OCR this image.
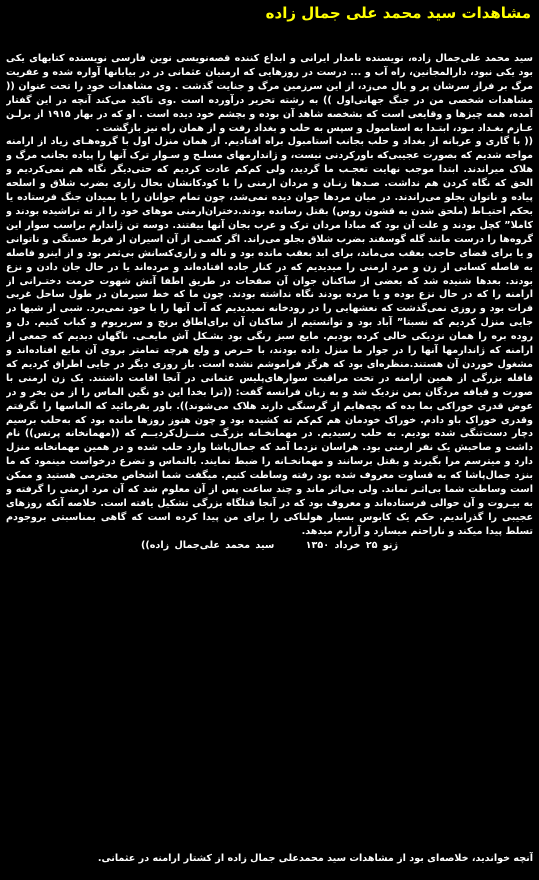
مشاهدات سید محمد علی جمال زاده

سید محمد علی‌جمال زاده، نویسنده نامدار ایرانی و ابداع کننده قصه‌نویسی نوین فارسی نویسنده کتابهای یکی بود یکی نبود، دارالمجانین، راه آب و ... درست در روزهایی که ارمنیان عثمانی در در بیابانها آواره شده و عفریت مرگ بر فراز سرشان پر و بال می‌زد، از این سرزمین مرگ و جنایت گذشت . وی مشاهدات خود را تحت عنوان (( مشاهدات شخصی من در جنگ جهانی‌اول )) به رشته تحریر درآورده است .وی تاکید می‌کند آنچه در این گفتار آمده، همه چیزها و وقایعی است که بشخصه شاهد آن بوده و بچشم خود دیده است . او که در بهار ۱۹۱۵ از برلـن عـازم بغـداد بـود، ابتـدا به استامبول و سپس به حلب و بغداد رفت و از همان راه نیز بازگشت .

(( با گاری و عربانه از بغداد و حلب بجانب استامبول براه افتادیم. از همان منزل اول با گروه‌هـای زیاد از ارامنه مواجه شدیم که بصورت عجیبی‌که باورکردنی نیست، و ژاندارمهای مسلـح و سـوار ترک آنها را پیاده بجانب مرگ و هلاک میراندند. ابتدا موجب نهایت تعجـب ما گردید، ولی کم‌کم عادت کردیم که حتی‌دیگر نگاه هم نمی‌کردیم و الحق که نگاه کردن هم نداشت. صـدها زنـان و مردان ارمنی را با کودکانشان بحال زاری بضرب شلاق و اسلحه پیاده و ناتوان بجلو می‌راندند. در میان مردها جوان دیده نمی‌شد، چون تمام جوانان را یا بمیدان جنگ فرستاده یا بحکم احتیـاط (ملحق شدن به قشون روس) بقتل رسانده بودند.دختران‌ارمنی موهای خود را از ته تراشیده بودند و کاملا” کچل بودند و علت آن بود که مبادا مردان ترک و عرب بجان آنها بیفتند. دوسه تن ژاندارم براسب سوار این گروه‌ها را درست مانند گله گوسفند بضرب شلاق بجلو می‌راند. اگر کسـی از آن اسیران از فرط خستگی و ناتوانی و یا برای قضای حاجب بعقب می‌ماند، برای ابد بعقب مانده بود و ناله و زاری‌کسانش بی‌ثمر بود و از اینرو فاصله به فاصله کسانی از زن و مرد ارمنی را میدیدیم که در کنار جاده افتاده‌اند و مرده‌اند یا در حال جان دادن و نزع بودند. بعدها شنیده شد که بعضی از ساکنان جوان آن صفحات در طریق اطفا آتش شهوت حرمت دختـرانی از ارامنه را که در حال نزع بوده و یا مرده بودند نگاه نداشته بودند. چون ما که خط سیرمان در طول ساحل غربی فرات بود و روزی نمی‌گذشت که نعشهایی را در رودخانه نمیدیدیم که آب آنها را با خود نمی‌برد. شبی از شبها در جایی منزل کردیم که نسبتا” آباد بود و توانستیم از ساکنان آن برای‌اطاق برنج و سربریوم و کباب کنیم. دل و روده بره را همان نزدیکی خالی کرده بودیم. مایع سبز رنگی بود بشـکل آش مایعـی. ناگهان دیدیم که جمعی از ارامنه که ژاندارمها آنها را در جوار ما منزل داده بودند، با حـرص و ولع هرچه تمامتر بروی آن مایع افتاده‌اند و مشغول خوردن آن هستند.منظره‌ای بود که هرگز فراموشم نشده است. باز روزی دیگر در جایی اطراق کردیم که قافله بزرگی از همین ارامنه در تحت مراقبت سوارهای‌پلیس عثمانی در آنجا اقامت داشتند. یک زن ارمنی با صورت و قیافه مردگان بمن نزدیک شد و به زبان فرانسه گفت: ((ترا بخدا این دو نگین الماس را از من بخر و در عوض قدری خوراکی بما بده که بچه‌هایم از گرسنگی دارند هلاک می‌شوند)). باور بفرمائید که الماسها را نگرفتم وقدری خوراک باو دادم. خوراک خودمان هم کم‌کم ته کشیده بود و چون هنوز روزها مانده بود که به‌حلب برسیم دچار دست‌تنگی شده بودیم. به حلب رسیدیم. در مهمانخـانه بزرگـی منــزل‌کردیــم که ((مهمانخانه پرنس)) نام داشت و صاحبش یک نفر ارمنی بود. هراسان نزدما آمد که جمال‌پاشا وارد حلب شده و در همین مهمانخانه منزل دارد و میترسم مرا بگیرند و بقتل برسانند و مهمانخـانه را ضبط نمایند. بالتماس و تضرع درخواست مینمود که ما بنزد جمال‌پاشا که به قساوت معروف شده بود رفته وساطت کنیم. میگفت شما اشخاص محترمی هستید و ممکن است وساطت شما بی‌اثـر نماند. ولی بی‌اثر ماند و چند ساعت پس از آن معلوم شد که آن مرد ارمنی را گرفته و به بیـروت و آن حوالی فرستاده‌اند و معروف بود که در آنجا قتلگاه بزرگی تشکیل یافته است. خلاصه آنکه روزهای عجیبی را گذراندیم. حکم یک کابوس بسیار هولناکی را برای من پیدا کرده است که گاهی بمناسبتی بروجودم تسلط پیدا میکند و ناراحتم میسازد و آزارم میدهد.

ژنو ۲۵ خرداد ۱۳۵۰ سید محمد علی‌جمال زاده))

آنچه خواندید، خلاصه‌ای بود از مشاهدات سید محمدعلی جمال زاده از کشتار ارامنه در عثمانی.
